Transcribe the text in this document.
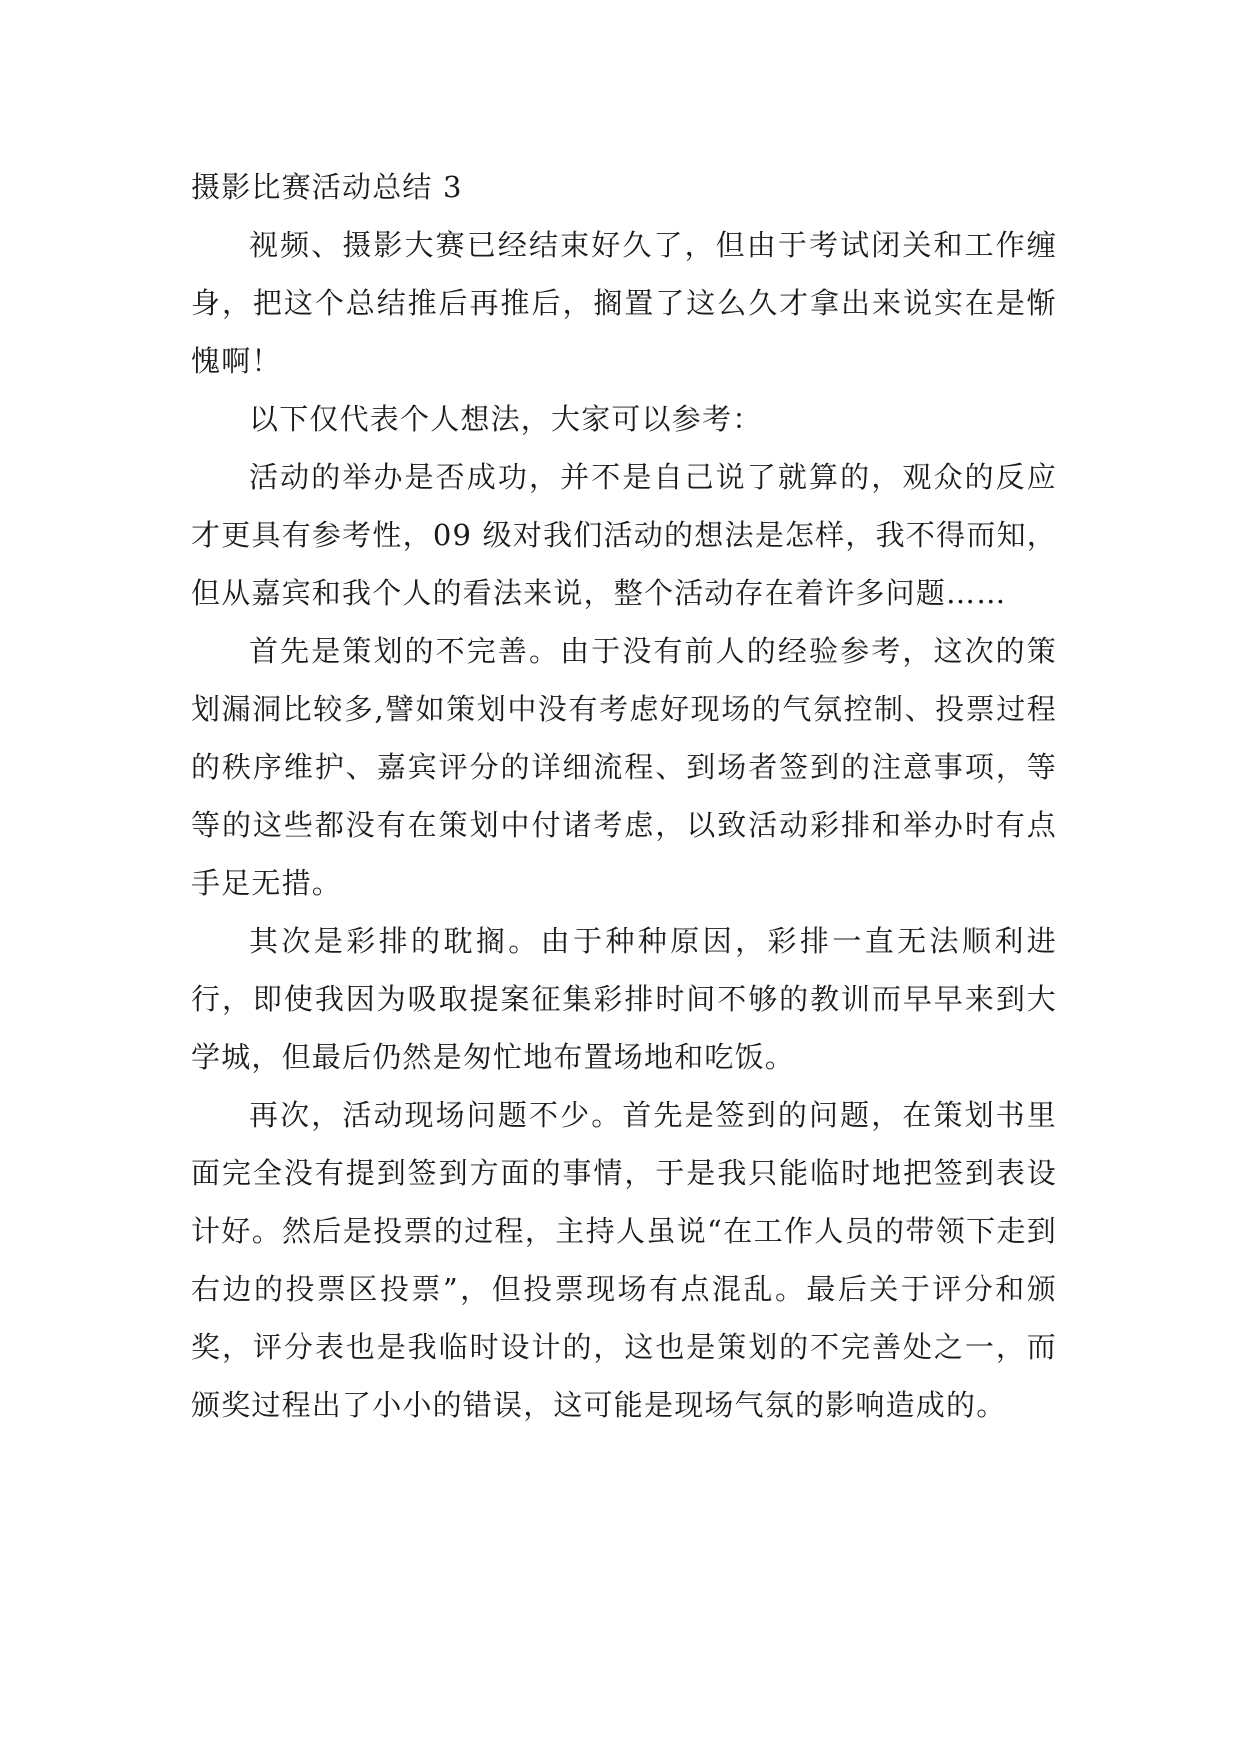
摄影比赛活动总结 3

视频、摄影大赛已经结束好久了，但由于考试闭关和工作缠身，把这个总结推后再推后，搁置了这么久才拿出来说实在是惭愧啊！

以下仅代表个人想法，大家可以参考：

活动的举办是否成功，并不是自己说了就算的，观众的反应才更具有参考性，09 级对我们活动的想法是怎样，我不得而知，但从嘉宾和我个人的看法来说，整个活动存在着许多问题……

首先是策划的不完善。由于没有前人的经验参考，这次的策划漏洞比较多,譬如策划中没有考虑好现场的气氛控制、投票过程的秩序维护、嘉宾评分的详细流程、到场者签到的注意事项，等等的这些都没有在策划中付诸考虑，以致活动彩排和举办时有点手足无措。

其次是彩排的耽搁。由于种种原因，彩排一直无法顺利进行，即使我因为吸取提案征集彩排时间不够的教训而早早来到大学城，但最后仍然是匆忙地布置场地和吃饭。

再次，活动现场问题不少。首先是签到的问题，在策划书里面完全没有提到签到方面的事情，于是我只能临时地把签到表设计好。然后是投票的过程，主持人虽说“在工作人员的带领下走到右边的投票区投票”，但投票现场有点混乱。最后关于评分和颁奖，评分表也是我临时设计的，这也是策划的不完善处之一，而颁奖过程出了小小的错误，这可能是现场气氛的影响造成的。
